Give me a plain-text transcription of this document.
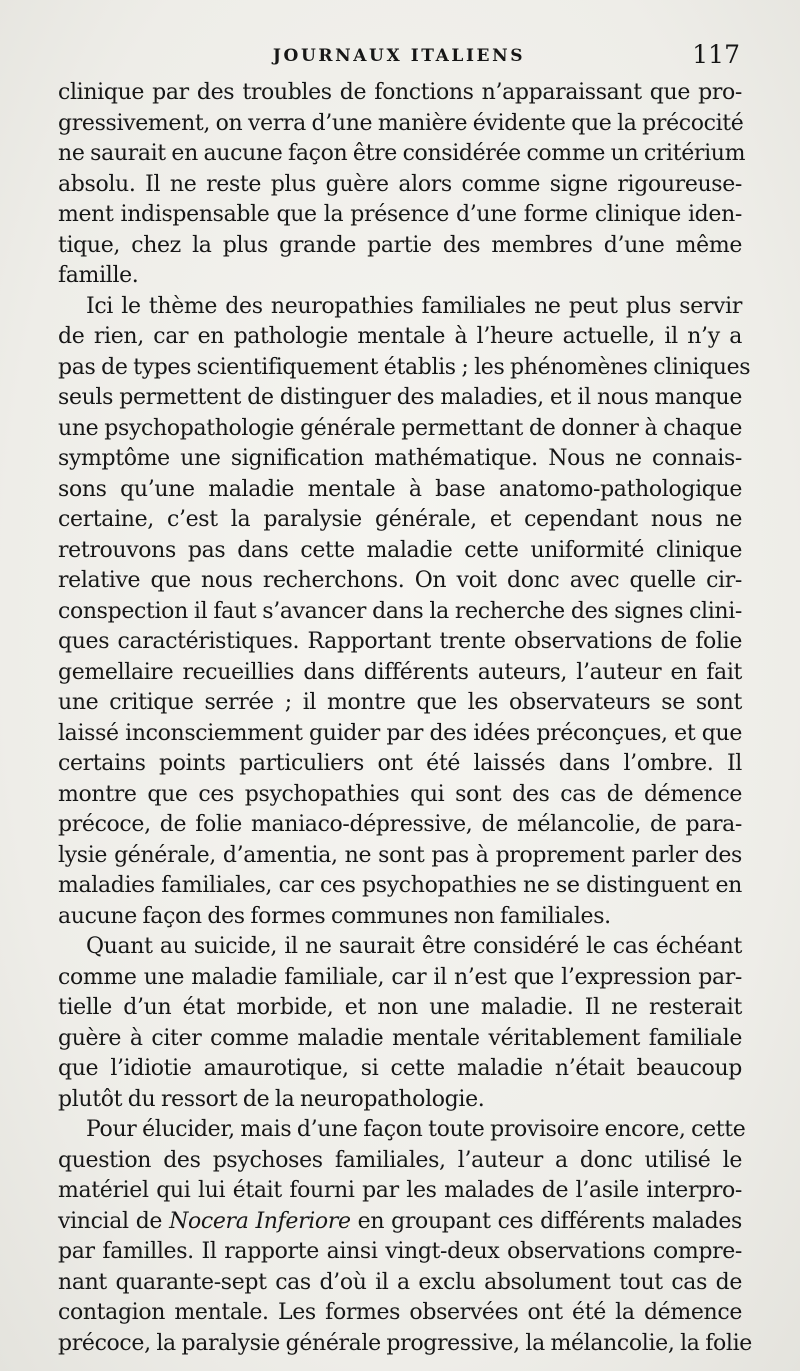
JOURNAUX ITALIENS	117
clinique par des troubles de fonctions n’apparaissant que pro-
gressivement, on verra d’une manière évidente que la précocité
ne saurait en aucune façon être considérée comme un critérium
absolu. Il ne reste plus guère alors comme signe rigoureuse-
ment indispensable que la présence d’une forme clinique iden-
tique, chez la plus grande partie des membres d’une même
famille.
Ici le thème des neuropathies familiales ne peut plus servir
de rien, car en pathologie mentale à l’heure actuelle, il n’y a
pas de types scientifiquement établis ; les phénomènes cliniques
seuls permettent de distinguer des maladies, et il nous manque
une psychopathologie générale permettant de donner à chaque
symptôme une signification mathématique. Nous ne connais-
sons qu’une maladie mentale à base anatomo-pathologique
certaine, c’est la paralysie générale, et cependant nous ne
retrouvons pas dans cette maladie cette uniformité clinique
relative que nous recherchons. On voit donc avec quelle cir-
conspection il faut s’avancer dans la recherche des signes clini-
ques caractéristiques. Rapportant trente observations de folie
gemellaire recueillies dans différents auteurs, l’auteur en fait
une critique serrée ; il montre que les observateurs se sont
laissé inconsciemment guider par des idées préconçues, et que
certains points particuliers ont été laissés dans l’ombre. Il
montre que ces psychopathies qui sont des cas de démence
précoce, de folie maniaco-dépressive, de mélancolie, de para-
lysie générale, d’amentia, ne sont pas à proprement parler des
maladies familiales, car ces psychopathies ne se distinguent en
aucune façon des formes communes non familiales.
Quant au suicide, il ne saurait être considéré le cas échéant
comme une maladie familiale, car il n’est que l’expression par-
tielle d’un état morbide, et non une maladie. Il ne resterait
guère à citer comme maladie mentale véritablement familiale
que l’idiotie amaurotique, si cette maladie n’était beaucoup
plutôt du ressort de la neuropathologie.
Pour élucider, mais d’une façon toute provisoire encore, cette
question des psychoses familiales, l’auteur a donc utilisé le
matériel qui lui était fourni par les malades de l’asile interpro-
vincial de Nocera Inferiore en groupant ces différents malades
par familles. Il rapporte ainsi vingt-deux observations compre-
nant quarante-sept cas d’où il a exclu absolument tout cas de
contagion mentale. Les formes observées ont été la démence
précoce, la paralysie générale progressive, la mélancolie, la folie
